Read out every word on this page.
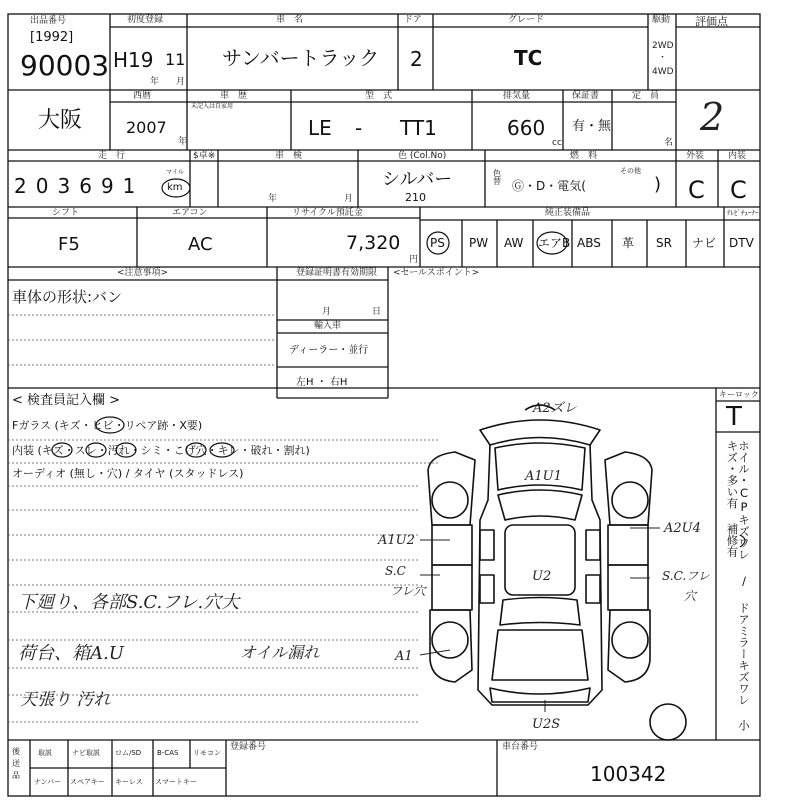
出品番号
[1992]
90003
初度登録
H19 11
年 月
車　名
サンバートラック
ドア
2
グレード
TC
駆動
2WD
・
4WD
評価点
2
大阪
西暦
2007
年
車　歴
未記入は自家用
型　式
LE - TT1
排気量
660
cc
保証書
有・無
定　員
名
走　行
2 0 3 6 9 1
マイル
km
$卓※	車　検
年	月
色 (Col.No)
シルバー
210
色替
燃　料
Ⓖ・D・電気(
その他
)
外装
C
内装
C
シフト
F5
エアコン
AC
リサイクル預託金
7,320
円
純正装備品	ﾃﾚﾋﾞﾁｭｰﾅｰ
PS PW AW エアB ABS 革 SR ナビ DTV
<注意事項>
車体の形状:バン
登録証明書有効期限
月	日
輸入車
ディーラー・並行
左H ・ 右H
<セールスポイント>
< 検査員記入欄 >
Fガラス (キズ・ヒビ・リペア跡・X要)
内装 (キズ・スレ・汚れ・シミ・こげ穴・キレ・破れ・割れ)
オーディオ (無し・穴) / タイヤ (スタッドレス)
下廻り、各部S.C.フレ.穴大
荷台、箱A.U	オイル漏れ
天張り 汚れ
キーロック
T
ホイル・CPキズワレ / ドアミラーキズワレ 小キズ・多い有 補修有
A2ズレ
A1U1
A1U2
A2U4
S.C
フレ穴
S.C.フレ
穴
U2
A1
U2S
後　送　品
取説	ナビ取説 ロム/SD B-CAS リモコン
ナンバー スペアキー キーレス スマートキー
登録番号	車台番号
100342
